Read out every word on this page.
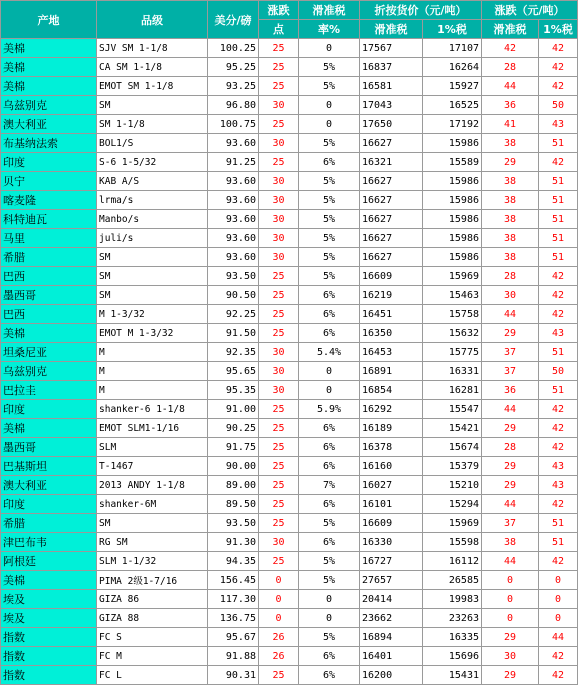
产地	品级	美分/磅	涨跌	滑准税	折按货价（元/吨）		涨跌（元/吨）	
			点	率%	滑准税	1%税	滑准税	1%税
美棉	SJV SM 1-1/8	100.25	25	0	17567	17107	42	42
美棉	CA SM 1-1/8	95.25	25	5%	16837	16264	28	42
美棉	EMOT SM 1-1/8	93.25	25	5%	16581	15927	44	42
乌兹别克	SM	96.80	30	0	17043	16525	36	50
澳大利亚	SM 1-1/8	100.75	25	0	17650	17192	41	43
布基纳法索	BOL1/S	93.60	30	5%	16627	15986	38	51
印度	S-6 1-5/32	91.25	25	6%	16321	15589	29	42
贝宁	KAB A/S	93.60	30	5%	16627	15986	38	51
喀麦隆	lrma/s	93.60	30	5%	16627	15986	38	51
科特迪瓦	Manbo/s	93.60	30	5%	16627	15986	38	51
马里	juli/s	93.60	30	5%	16627	15986	38	51
希腊	SM	93.60	30	5%	16627	15986	38	51
巴西	SM	93.50	25	5%	16609	15969	28	42
墨西哥	SM	90.50	25	6%	16219	15463	30	42
巴西	M 1-3/32	92.25	25	6%	16451	15758	44	42
美棉	EMOT M 1-3/32	91.50	25	6%	16350	15632	29	43
坦桑尼亚	M	92.35	30	5.4%	16453	15775	37	51
乌兹别克	M	95.65	30	0	16891	16331	37	50
巴拉圭	M	95.35	30	0	16854	16281	36	51
印度	shanker-6 1-1/8	91.00	25	5.9%	16292	15547	44	42
美棉	EMOT SLM1-1/16	90.25	25	6%	16189	15421	29	42
墨西哥	SLM	91.75	25	6%	16378	15674	28	42
巴基斯坦	T-1467	90.00	25	6%	16160	15379	29	43
澳大利亚	2013 ANDY 1-1/8	89.00	25	7%	16027	15210	29	43
印度	shanker-6M	89.50	25	6%	16101	15294	44	42
希腊	SM	93.50	25	5%	16609	15969	37	51
津巴布韦	RG SM	91.30	30	6%	16330	15598	38	51
阿根廷	SLM 1-1/32	94.35	25	5%	16727	16112	44	42
美棉	PIMA 2级1-7/16	156.45	0	5%	27657	26585	0	0
埃及	GIZA 86	117.30	0	0	20414	19983	0	0
埃及	GIZA 88	136.75	0	0	23662	23263	0	0
指数	FC S	95.67	26	5%	16894	16335	29	44
指数	FC M	91.88	26	6%	16401	15696	30	42
指数	FC L	90.31	25	6%	16200	15431	29	42
